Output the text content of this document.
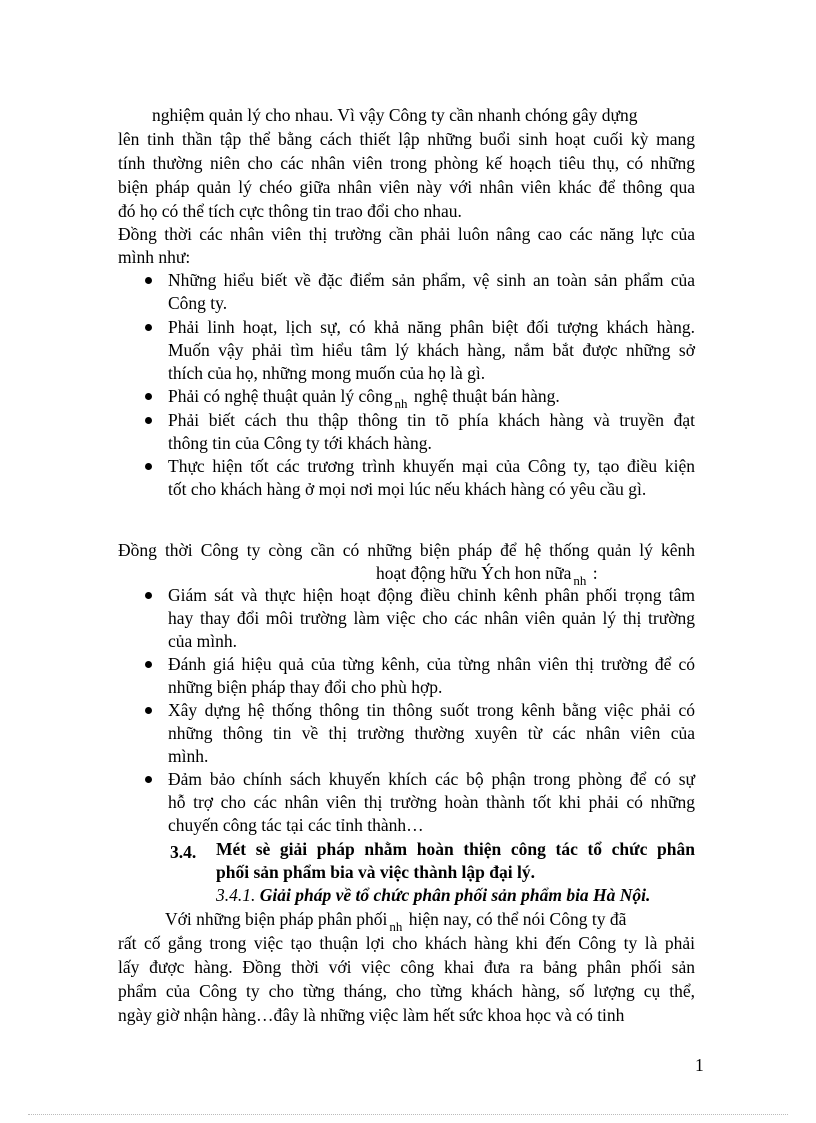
nghiệm quản lý cho nhau. Vì vậy Công ty cần nhanh chóng gây dựng
lên tinh thần tập thể bằng cách thiết lập những buổi sinh hoạt cuối kỳ mang
tính thường niên cho các nhân viên trong phòng kế hoạch tiêu thụ, có những
biện pháp quản lý chéo giữa nhân viên này với nhân viên khác để thông qua
đó họ có thể tích cực thông tin trao đổi cho nhau.
Đồng thời các nhân viên thị trường cần phải luôn nâng cao các năng lực của
mình như:
Những hiểu biết về đặc điểm sản phẩm, vệ sinh an toàn sản phẩm của
Công ty.
Phải linh hoạt, lịch sự, có khả năng phân biệt đối tượng khách hàng.
Muốn vậy phải tìm hiểu tâm lý khách hàng, nắm bắt được những sở
thích của họ, những mong muốn của họ là gì.
Phải có nghệ thuật quản lý công $_{nh}$ nghệ thuật bán hàng.
Phải biết cách thu thập thông tin tõ phía khách hàng và truyền đạt
thông tin của Công ty tới khách hàng.
Thực hiện tốt các trương trình khuyến mại của Công ty, tạo điều kiện
tốt cho khách hàng ở mọi nơi mọi lúc nếu khách hàng có yêu cầu gì.
Đồng thời Công ty còng cần có những biện pháp để hệ thống quản lý kênh
hoạt động hữu Ých hon nữa $_{nh}$ :
Giám sát và thực hiện hoạt động điều chỉnh kênh phân phối trọng tâm
hay thay đổi môi trường làm việc cho các nhân viên quản lý thị trường
của mình.
Đánh giá hiệu quả của từng kênh, của từng nhân viên thị trường để có
những biện pháp thay đổi cho phù hợp.
Xây dựng hệ thống thông tin thông suốt trong kênh bằng việc phải có
những thông tin về thị trường thường xuyên từ các nhân viên của
mình.
Đảm bảo chính sách khuyến khích các bộ phận trong phòng để có sự
hỗ trợ cho các nhân viên thị trường hoàn thành tốt khi phải có những
chuyến công tác tại các tỉnh thành…
3.4. Mét sè giải pháp nhằm hoàn thiện công tác tổ chức phân
phối sản phẩm bia và việc thành lập đại lý.
3.4.1. Giải pháp về tổ chức phân phối sản phẩm bia Hà Nội.
Với những biện pháp phân phối $_{nh}$ hiện nay, có thể nói Công ty đã
rất cố gắng trong việc tạo thuận lợi cho khách hàng khi đến Công ty là phải
lấy được hàng. Đồng thời với việc công khai đưa ra bảng phân phối sản
phẩm của Công ty cho từng tháng, cho từng khách hàng, số lượng cụ thể,
ngày giờ nhận hàng…đây là những việc làm hết sức khoa học và có tinh
1
